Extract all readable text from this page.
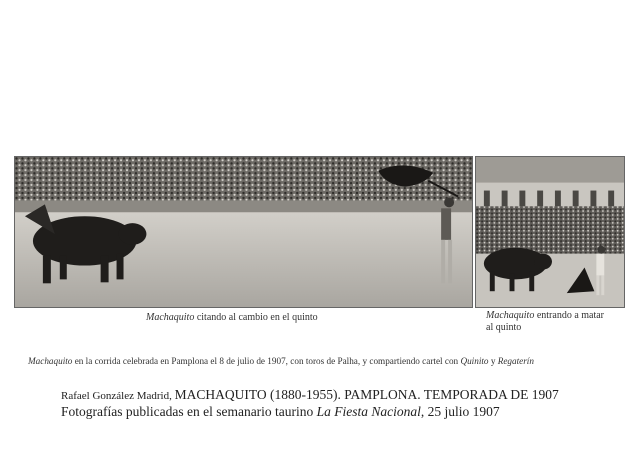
Machaquito citando al cambio en el quinto	Machaquito entrando a matar
al quinto
Machaquito en la corrida celebrada en Pamplona el 8 de julio de 1907, con toros de Palha, y compartiendo cartel con Quinito y Regaterín
Rafael González Madrid, MACHAQUITO (1880-1955). PAMPLONA. TEMPORADA DE 1907
Fotografías publicadas en el semanario taurino La Fiesta Nacional, 25 julio 1907
